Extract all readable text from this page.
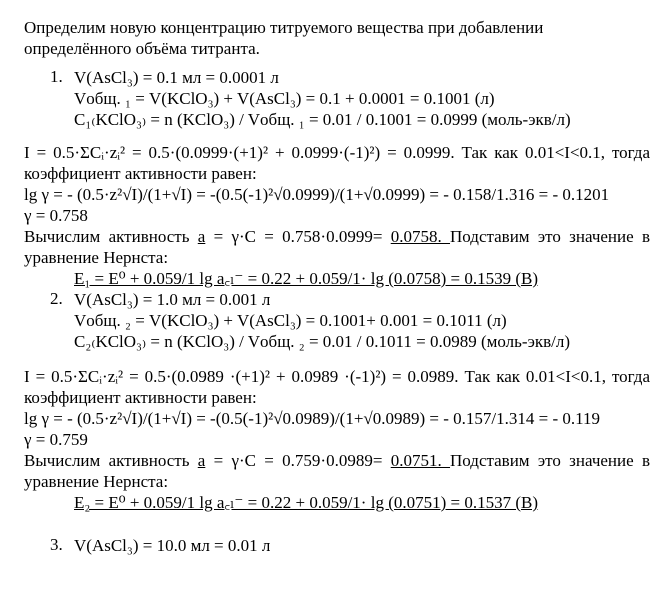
Определим новую концентрацию титруемого вещества при добавлении определённого объёма титранта.

1. V(AsCl₃) = 0.1 мл = 0.0001 л

Vобщ. ₁ = V(KClO₃) + V(AsCl₃) = 0.1 + 0.0001 = 0.1001 (л)

C₁₍KClO₃₎ = n (KClO₃) / Vобщ. ₁ = 0.01 / 0.1001 = 0.0999 (моль-экв/л)

I = 0.5·ΣCᵢ·zᵢ² = 0.5·(0.0999·(+1)² + 0.0999·(-1)²) = 0.0999. Так как 0.01<I<0.1, тогда коэффициент активности равен:

lg γ = - (0.5·z²√I)/(1+√I) = -(0.5(-1)²√0.0999)/(1+√0.0999) = - 0.158/1.316 = - 0.1201

γ = 0.758

Вычислим активность a = γ·C = 0.758·0.0999= 0.0758. Подставим это значение в уравнение Нернста:

E₁ = E⁰ + 0.059/1 lg a꜀ₗ⁻ = 0.22 + 0.059/1· lg (0.0758) = 0.1539 (B)

2. V(AsCl₃) = 1.0 мл = 0.001 л

Vобщ. ₂ = V(KClO₃) + V(AsCl₃) = 0.1001+ 0.001 = 0.1011 (л)

C₂₍KClO₃₎ = n (KClO₃) / Vобщ. ₂ = 0.01 / 0.1011 = 0.0989 (моль-экв/л)

I = 0.5·ΣCᵢ·zᵢ² = 0.5·(0.0989 ·(+1)² + 0.0989 ·(-1)²) = 0.0989. Так как 0.01<I<0.1, тогда коэффициент активности равен:

lg γ = - (0.5·z²√I)/(1+√I) = -(0.5(-1)²√0.0989)/(1+√0.0989) = - 0.157/1.314 = - 0.119

γ = 0.759

Вычислим активность a = γ·C = 0.759·0.0989= 0.0751. Подставим это значение в уравнение Нернста:

E₂ = E⁰ + 0.059/1 lg a꜀ₗ⁻ = 0.22 + 0.059/1· lg (0.0751) = 0.1537 (B)

3. V(AsCl₃) = 10.0 мл = 0.01 л
